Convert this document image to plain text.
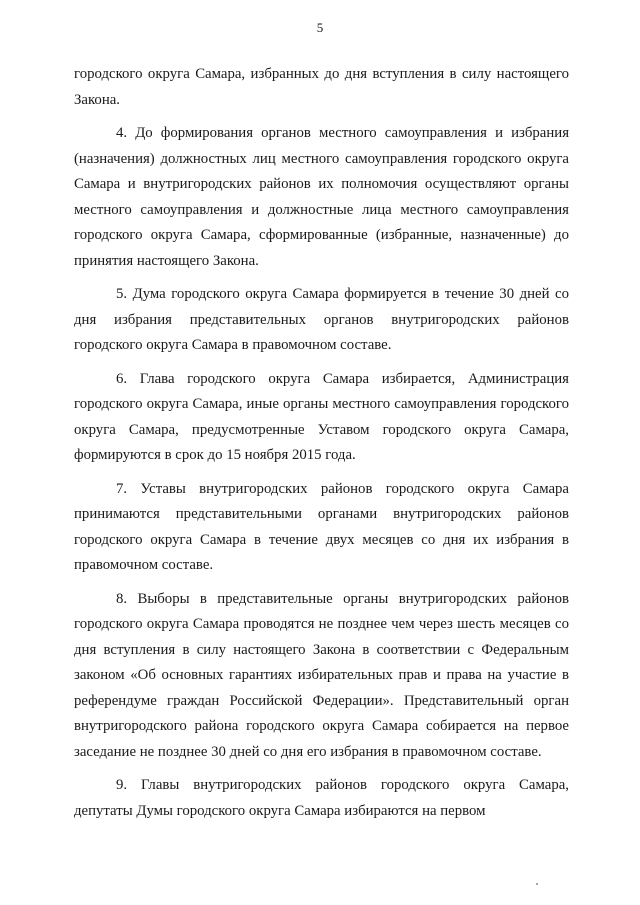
5

городского округа Самара, избранных до дня вступления в силу настоящего Закона.

4. До формирования органов местного самоуправления и избрания (назначения) должностных лиц местного самоуправления городского округа Самара и внутригородских районов их полномочия осуществляют органы местного самоуправления и должностные лица местного самоуправления городского округа Самара, сформированные (избранные, назначенные) до принятия настоящего Закона.

5. Дума городского округа Самара формируется в течение 30 дней со дня избрания представительных органов внутригородских районов городского округа Самара в правомочном составе.

6. Глава городского округа Самара избирается, Администрация городского округа Самара, иные органы местного самоуправления городского округа Самара, предусмотренные Уставом городского округа Самара, формируются в срок до 15 ноября 2015 года.

7. Уставы внутригородских районов городского округа Самара принимаются представительными органами внутригородских районов городского округа Самара в течение двух месяцев со дня их избрания в правомочном составе.

8. Выборы в представительные органы внутригородских районов городского округа Самара проводятся не позднее чем через шесть месяцев со дня вступления в силу настоящего Закона в соответствии с Федеральным законом «Об основных гарантиях избирательных прав и права на участие в референдуме граждан Российской Федерации». Представительный орган внутригородского района городского округа Самара собирается на первое заседание не позднее 30 дней со дня его избрания в правомочном составе.

9. Главы внутригородских районов городского округа Самара, депутаты Думы городского округа Самара избираются на первом
